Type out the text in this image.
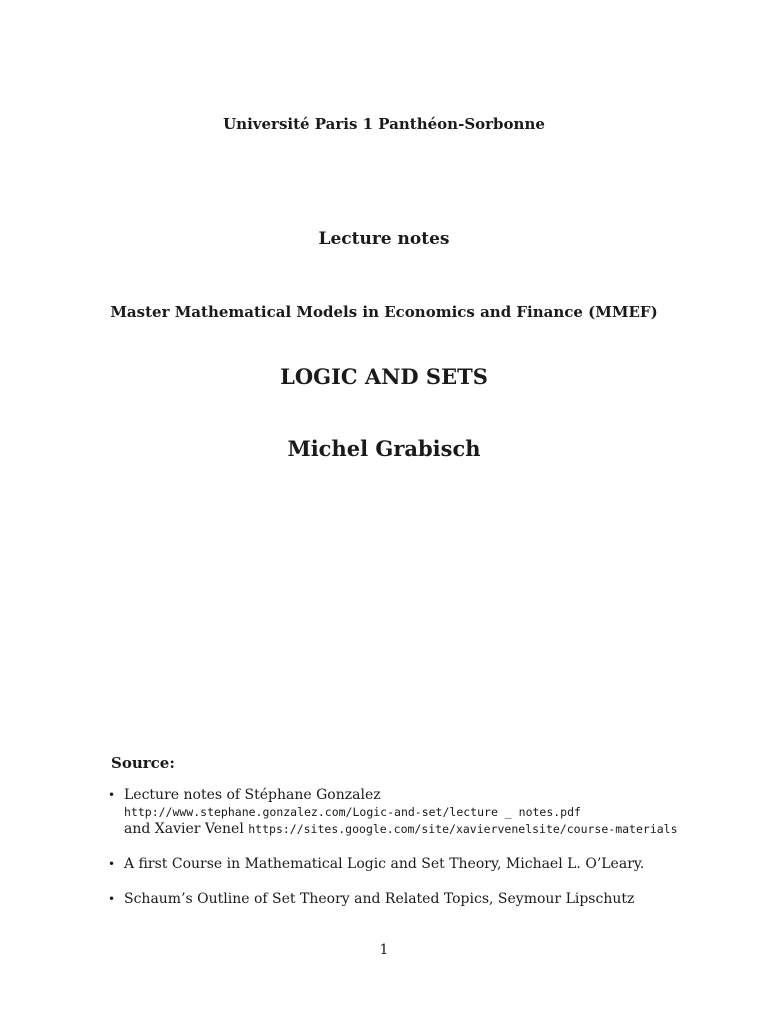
Université Paris 1 Panthéon-Sorbonne
Lecture notes
Master Mathematical Models in Economics and Finance (MMEF)
LOGIC AND SETS
Michel Grabisch
Source:
• Lecture notes of Stéphane Gonzalez
http://www.stephane.gonzalez.com/Logic-and-set/lecture _ notes.pdf
and Xavier Venel https://sites.google.com/site/xaviervenelsite/course-materials
• A first Course in Mathematical Logic and Set Theory, Michael L. O’Leary.
• Schaum’s Outline of Set Theory and Related Topics, Seymour Lipschutz
1
